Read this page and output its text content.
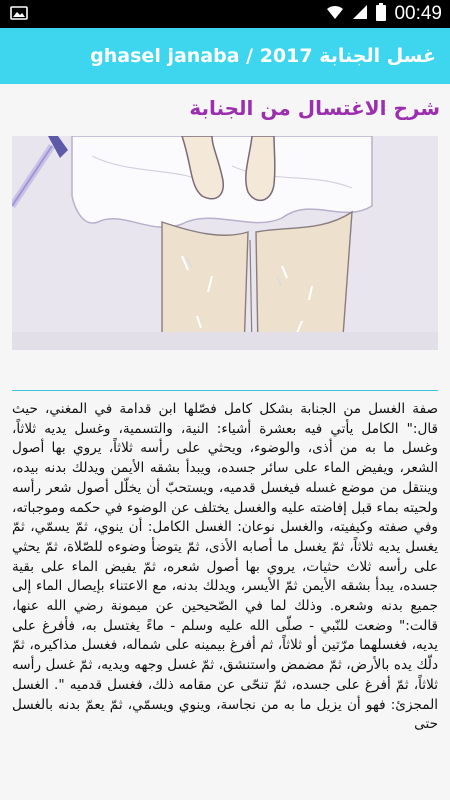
00:49
غسل الجنابة ghasel janaba / 2017
شرح الاغتسال من الجنابة
صفة الغسل من الجنابة بشكل كامل فصّلها ابن قدامة في المغني، حيث قال:" الكامل يأتي فيه بعشرة أشياء: النية، والتسمية، وغسل يديه ثلاثاً، وغسل ما به من أذى، والوضوء، ويحثي على رأسه ثلاثاً، يروي بها أصول الشعر، ويفيض الماء على سائر جسده، ويبدأ بشقه الأيمن ويدلك بدنه بيده، وينتقل من موضع غسله فيغسل قدميه، ويستحبّ أن يخلّل أصول شعر رأسه ولحيته بماء قبل إفاضته عليه والغسل يختلف عن الوضوء في حكمه وموجباته، وفي صفته وكيفيته، والغسل نوعان: الغسل الكامل: أن ينوي، ثمّ يسمّي، ثمّ يغسل يديه ثلاثاً، ثمّ يغسل ما أصابه الأذى، ثمّ يتوضأ وضوءه للصّلاة، ثمّ يحثي على رأسه ثلاث حثيات، يروي بها أصول شعره، ثمّ يفيض الماء على بقية جسده، يبدأ بشقه الأيمن ثمّ الأيسر، ويدلك بدنه، مع الاعتناء بإيصال الماء إلى جميع بدنه وشعره. وذلك لما في الصّحيحين عن ميمونة رضي الله عنها، قالت:" وضعت للنّبي - صلّى الله عليه وسلم - ماءً يغتسل به، فأفرغ على يديه، فغسلهما مرّتين أو ثلاثاً، ثم أفرغ بيمينه على شماله، فغسل مذاكيره، ثمّ دلّك يده بالأرض، ثمّ مضمض واستنشق، ثمّ غسل وجهه ويديه، ثمّ غسل رأسه ثلاثاً، ثمّ أفرغ على جسده، ثمّ تنحّى عن مقامه ذلك، فغسل قدميه ". الغسل المجزئ: فهو أن يزيل ما به من نجاسة، وينوي ويسمّي، ثمّ يعمّ بدنه بالغسل حتى
